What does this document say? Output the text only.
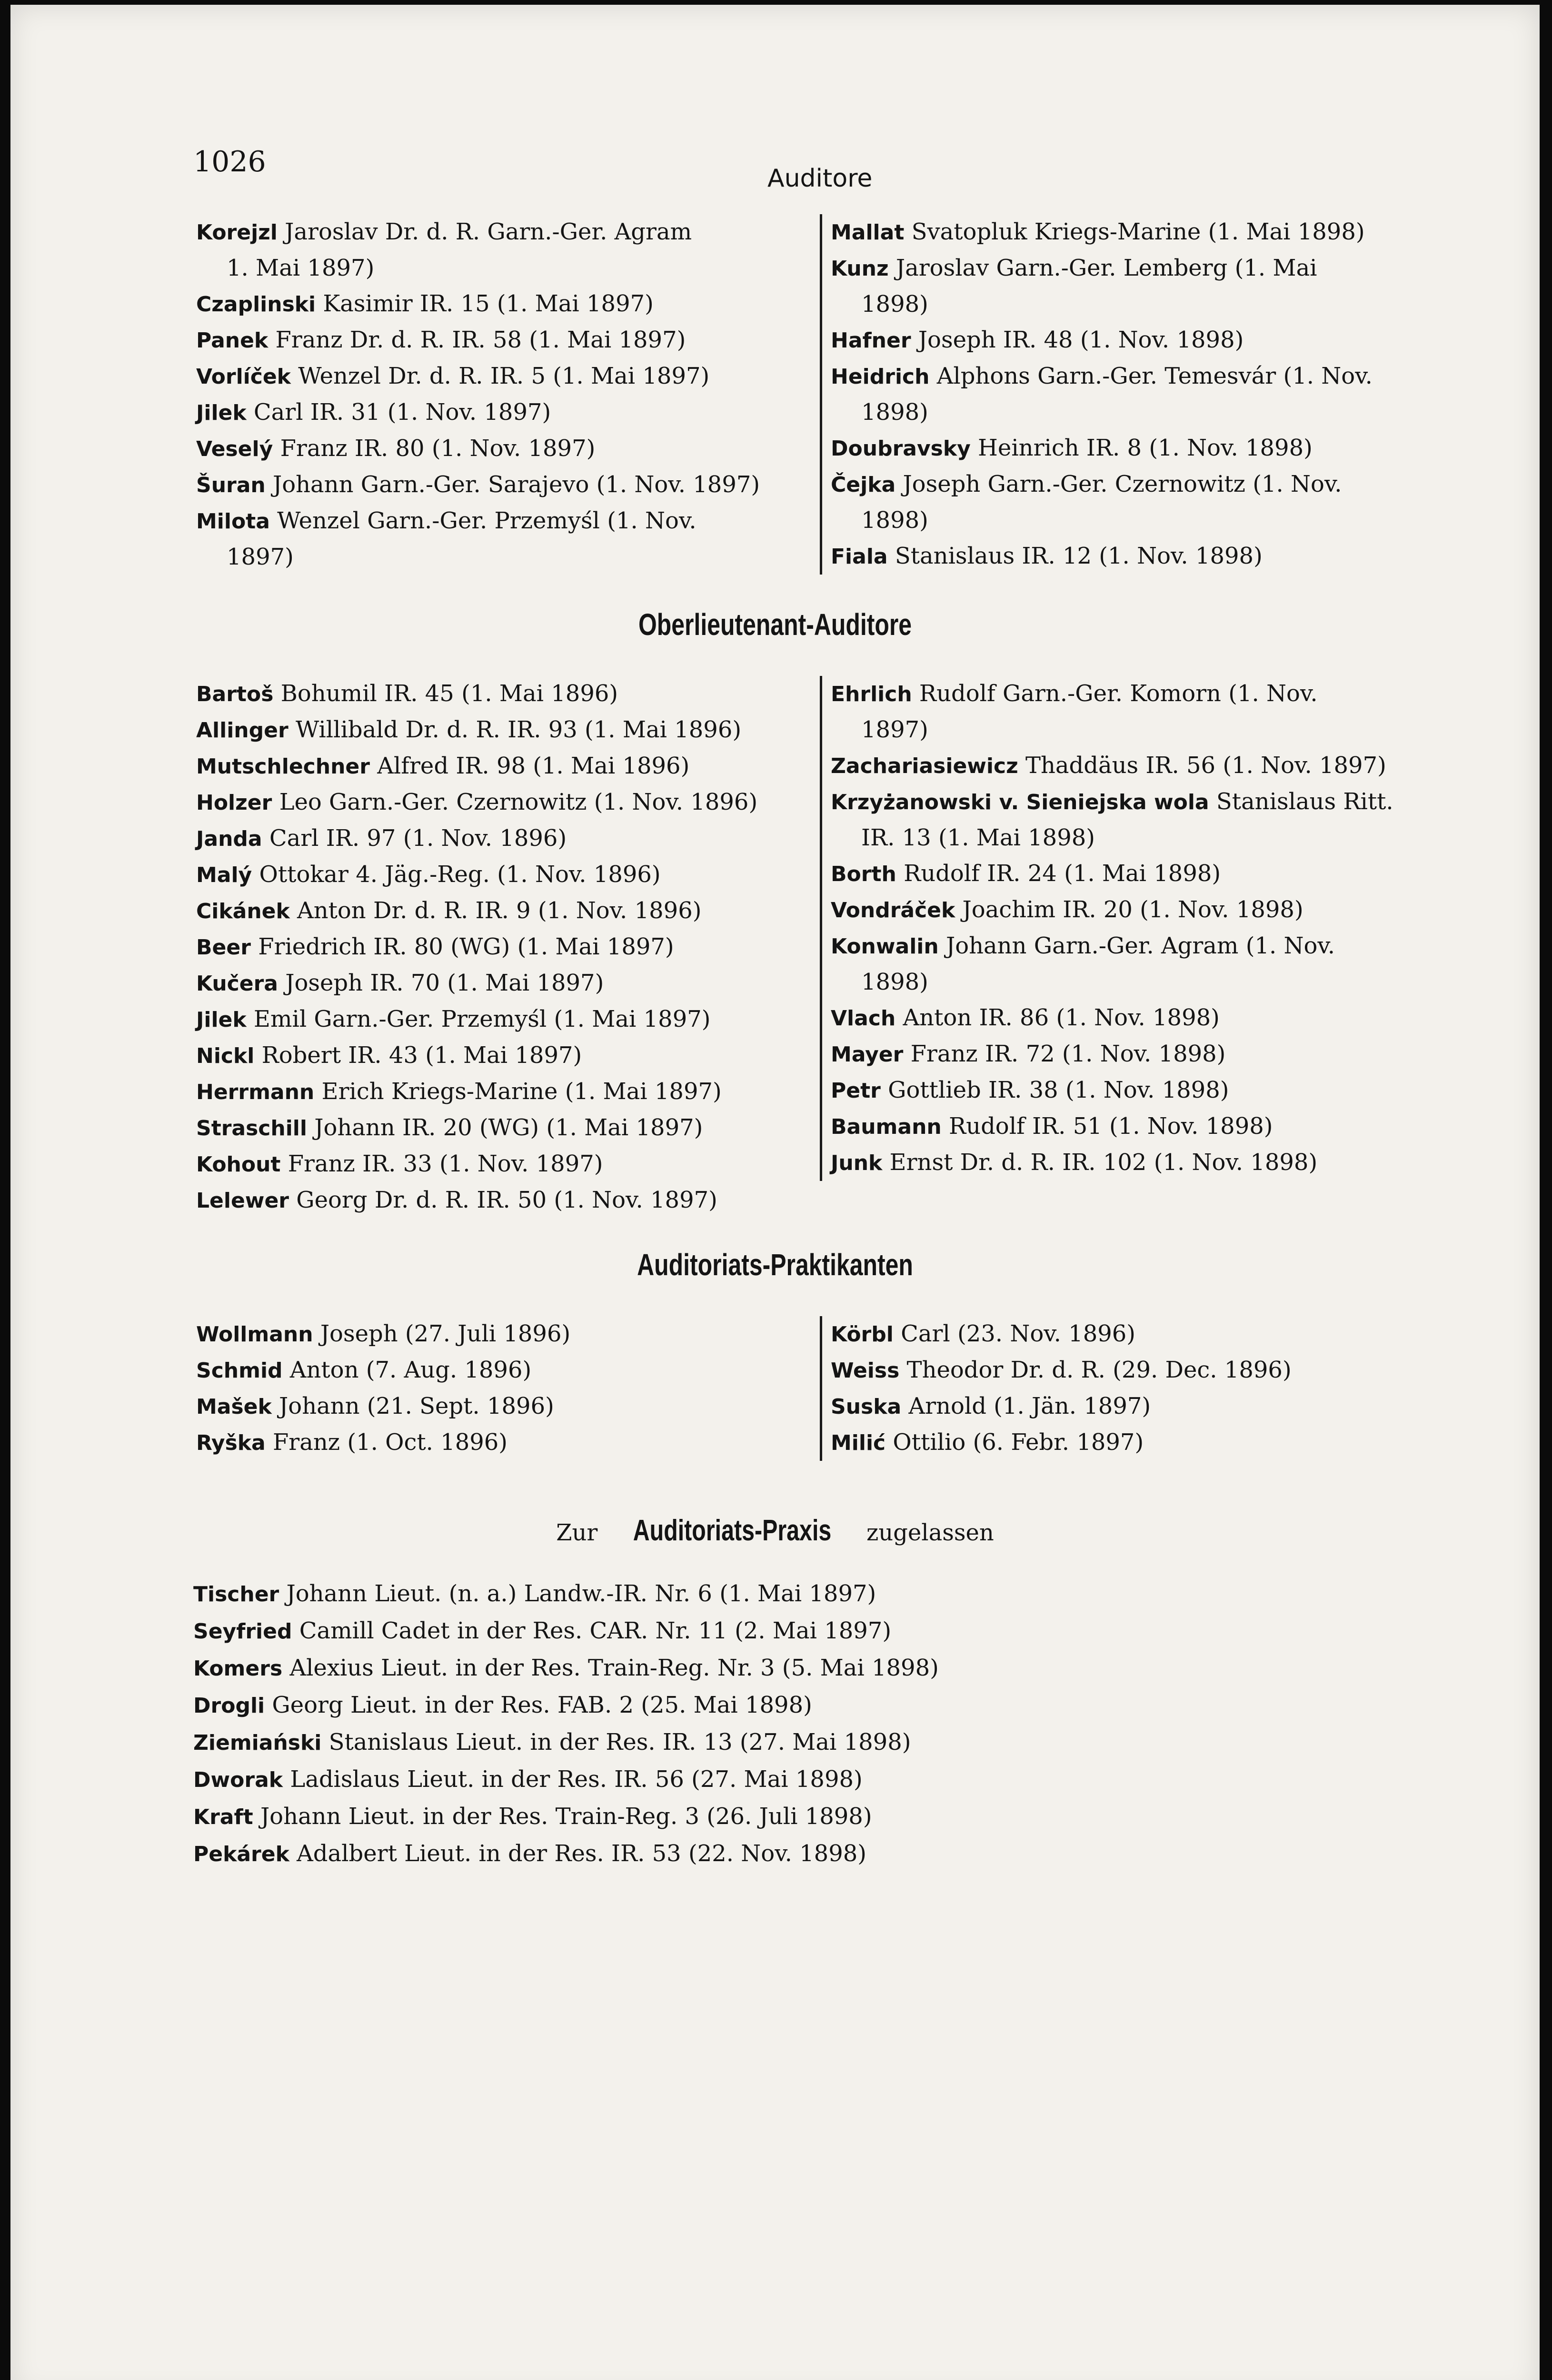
1026	Auditore
Korejzl Jaroslav Dr. d. R. Garn.-Ger. Agram
1. Mai 1897)
Czaplinski Kasimir IR. 15 (1. Mai 1897)
Panek Franz Dr. d. R. IR. 58 (1. Mai 1897)
Vorlíček Wenzel Dr. d. R. IR. 5 (1. Mai 1897)
Jilek Carl IR. 31 (1. Nov. 1897)
Veselý Franz IR. 80 (1. Nov. 1897)
Šuran Johann Garn.-Ger. Sarajevo (1. Nov. 1897)
Milota Wenzel Garn.-Ger. Przemyśl (1. Nov.
1897)
Mallat Svatopluk Kriegs-Marine (1. Mai 1898)
Kunz Jaroslav Garn.-Ger. Lemberg (1. Mai
1898)
Hafner Joseph IR. 48 (1. Nov. 1898)
Heidrich Alphons Garn.-Ger. Temesvár (1. Nov.
1898)
Doubravsky Heinrich IR. 8 (1. Nov. 1898)
Čejka Joseph Garn.-Ger. Czernowitz (1. Nov.
1898)
Fiala Stanislaus IR. 12 (1. Nov. 1898)
Oberlieutenant-Auditore
Bartoš Bohumil IR. 45 (1. Mai 1896)
Allinger Willibald Dr. d. R. IR. 93 (1. Mai 1896)
Mutschlechner Alfred IR. 98 (1. Mai 1896)
Holzer Leo Garn.-Ger. Czernowitz (1. Nov. 1896)
Janda Carl IR. 97 (1. Nov. 1896)
Malý Ottokar 4. Jäg.-Reg. (1. Nov. 1896)
Cikánek Anton Dr. d. R. IR. 9 (1. Nov. 1896)
Beer Friedrich IR. 80 (WG) (1. Mai 1897)
Kučera Joseph IR. 70 (1. Mai 1897)
Jilek Emil Garn.-Ger. Przemyśl (1. Mai 1897)
Nickl Robert IR. 43 (1. Mai 1897)
Herrmann Erich Kriegs-Marine (1. Mai 1897)
Straschill Johann IR. 20 (WG) (1. Mai 1897)
Kohout Franz IR. 33 (1. Nov. 1897)
Lelewer Georg Dr. d. R. IR. 50 (1. Nov. 1897)
Ehrlich Rudolf Garn.-Ger. Komorn (1. Nov.
1897)
Zachariasiewicz Thaddäus IR. 56 (1. Nov. 1897)
Krzyżanowski v. Sieniejska wola Stanislaus Ritt.
IR. 13 (1. Mai 1898)
Borth Rudolf IR. 24 (1. Mai 1898)
Vondráček Joachim IR. 20 (1. Nov. 1898)
Konwalin Johann Garn.-Ger. Agram (1. Nov.
1898)
Vlach Anton IR. 86 (1. Nov. 1898)
Mayer Franz IR. 72 (1. Nov. 1898)
Petr Gottlieb IR. 38 (1. Nov. 1898)
Baumann Rudolf IR. 51 (1. Nov. 1898)
Junk Ernst Dr. d. R. IR. 102 (1. Nov. 1898)
Auditoriats-Praktikanten
Wollmann Joseph (27. Juli 1896)
Schmid Anton (7. Aug. 1896)
Mašek Johann (21. Sept. 1896)
Ryška Franz (1. Oct. 1896)
Körbl Carl (23. Nov. 1896)
Weiss Theodor Dr. d. R. (29. Dec. 1896)
Suska Arnold (1. Jän. 1897)
Milić Ottilio (6. Febr. 1897)
Zur Auditoriats-Praxis zugelassen
Tischer Johann Lieut. (n. a.) Landw.-IR. Nr. 6 (1. Mai 1897)
Seyfried Camill Cadet in der Res. CAR. Nr. 11 (2. Mai 1897)
Komers Alexius Lieut. in der Res. Train-Reg. Nr. 3 (5. Mai 1898)
Drogli Georg Lieut. in der Res. FAB. 2 (25. Mai 1898)
Ziemiański Stanislaus Lieut. in der Res. IR. 13 (27. Mai 1898)
Dworak Ladislaus Lieut. in der Res. IR. 56 (27. Mai 1898)
Kraft Johann Lieut. in der Res. Train-Reg. 3 (26. Juli 1898)
Pekárek Adalbert Lieut. in der Res. IR. 53 (22. Nov. 1898)
